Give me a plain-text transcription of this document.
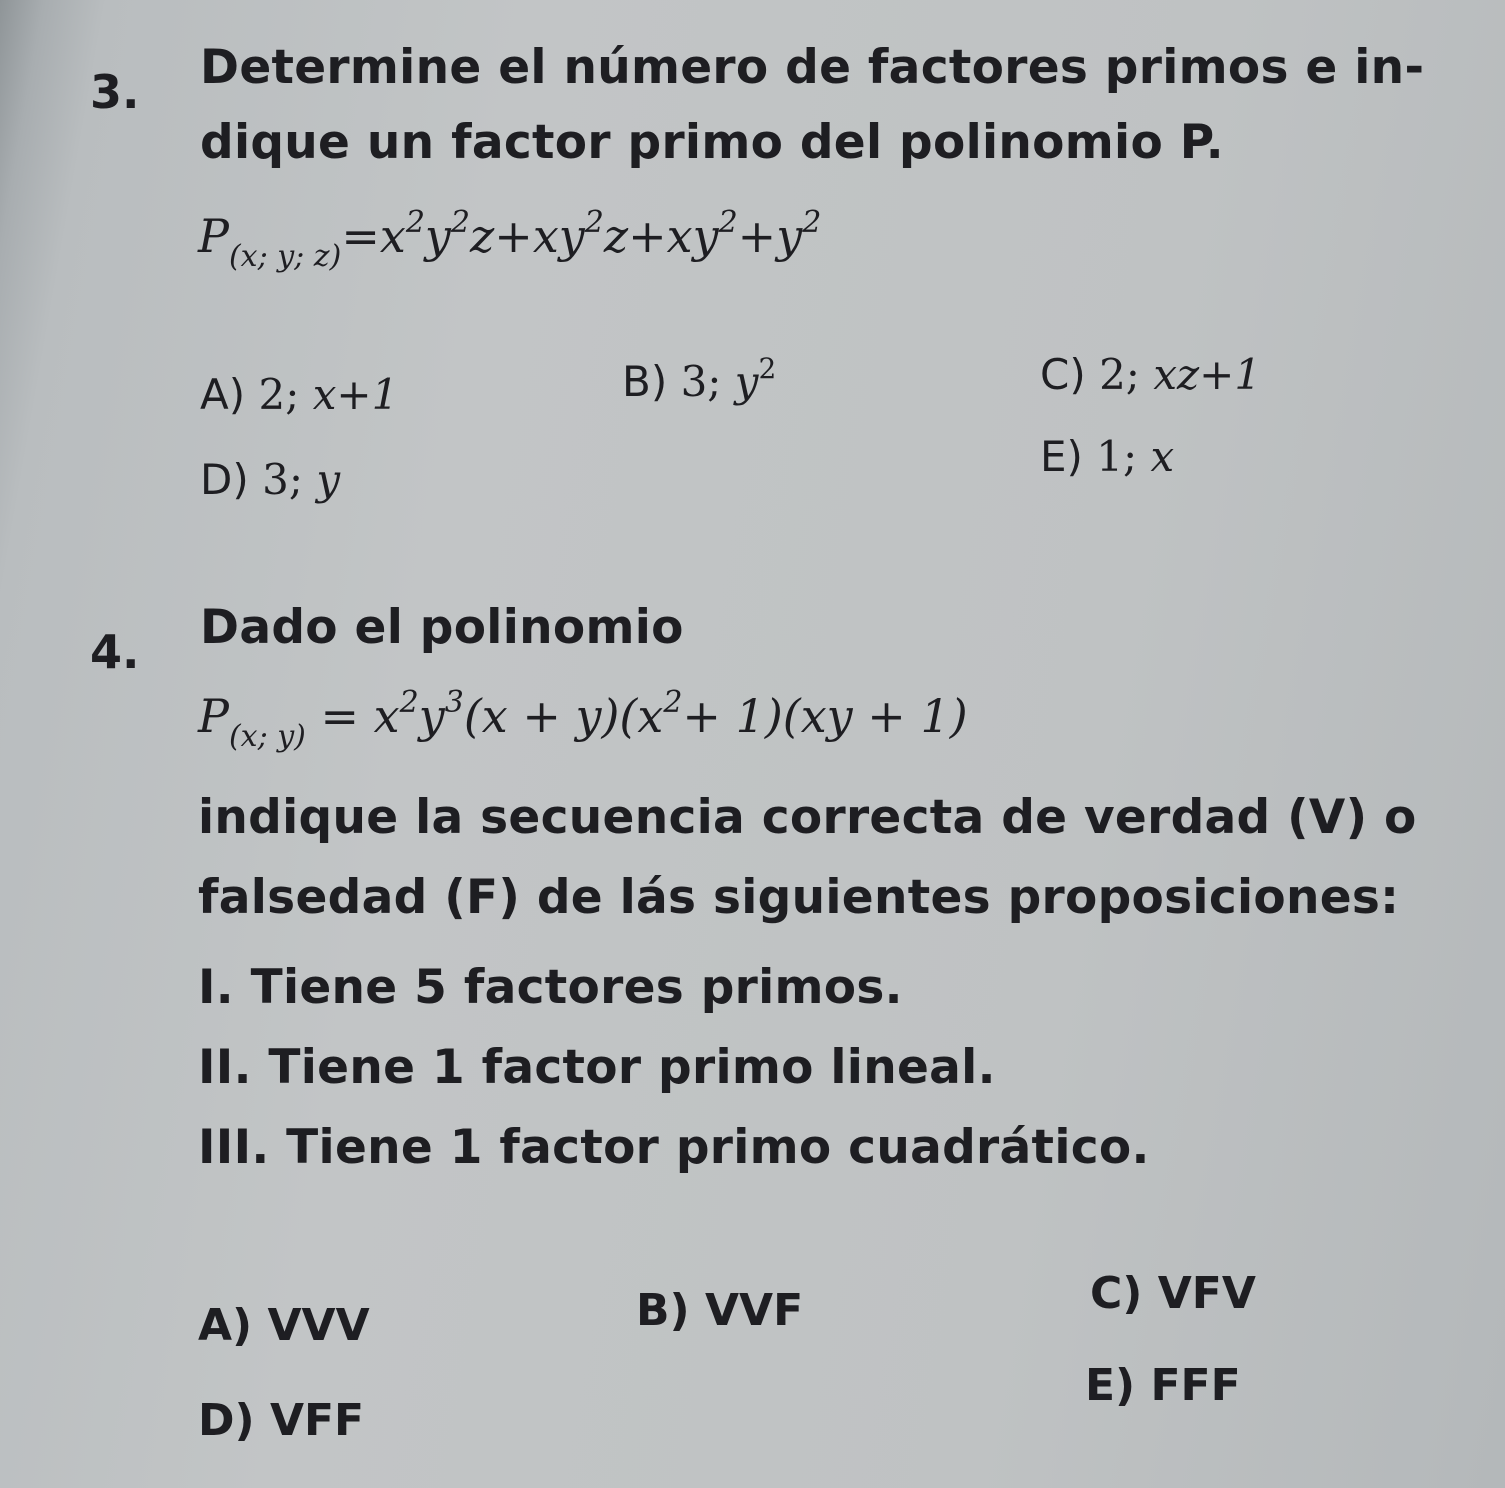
3. Determine el número de factores primos e in-
dique un factor primo del polinomio P.
$P_{(x; y; z)}=x^2y^2z+xy^2z+xy^2+y^2$
A) 2; x+1	B) 3; $y^2$	C) 2; xz+1
D) 3; y	E) 1; x
4. Dado el polinomio
$P_{(x; y)} = x^2y^3(x + y)(x^2+ 1)(xy + 1)$
indique la secuencia correcta de verdad (V) o
falsedad (F) de lás siguientes proposiciones:
I. Tiene 5 factores primos.
II. Tiene 1 factor primo lineal.
III. Tiene 1 factor primo cuadrático.
A) VVV	B) VVF	C) VFV
D) VFF
E) FFF
